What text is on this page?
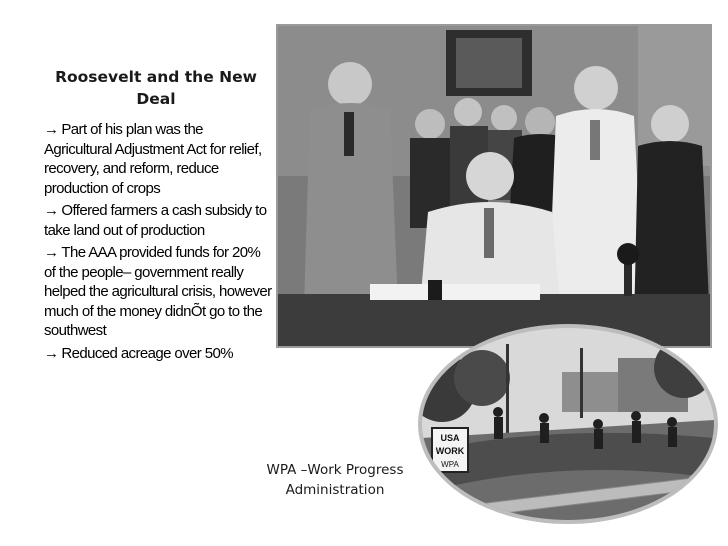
Roosevelt and the New Deal
→ Part of his plan was the Agricultural Adjustment Act for relief, recovery, and reform, reduce production of crops
→ Offered farmers a cash subsidy to take land out of production
→ The AAA provided funds for 20% of the people– government really helped the agricultural crisis, however much of the money didnÕt go to the southwest
→ Reduced acreage over 50%
USA
WORK
WPA
WPA –Work Progress Administration
